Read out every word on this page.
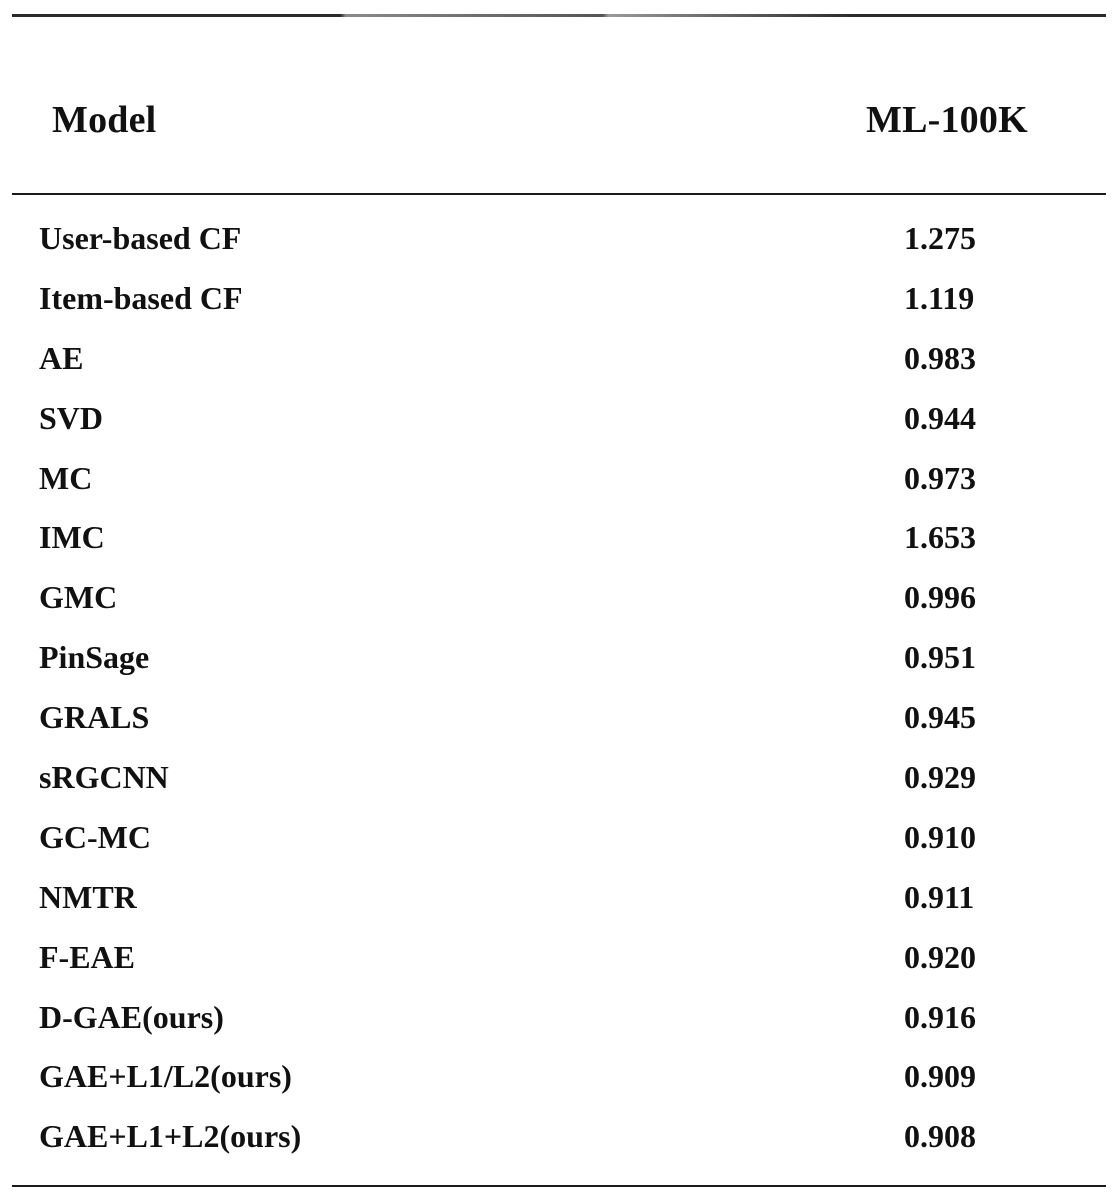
Model	ML-100K
User-based CF	1.275
Item-based CF	1.119
AE	0.983
SVD	0.944
MC	0.973
IMC	1.653
GMC	0.996
PinSage	0.951
GRALS	0.945
sRGCNN	0.929
GC-MC	0.910
NMTR	0.911
F-EAE	0.920
D-GAE(ours)	0.916
GAE+L1/L2(ours)	0.909
GAE+L1+L2(ours)	0.908
